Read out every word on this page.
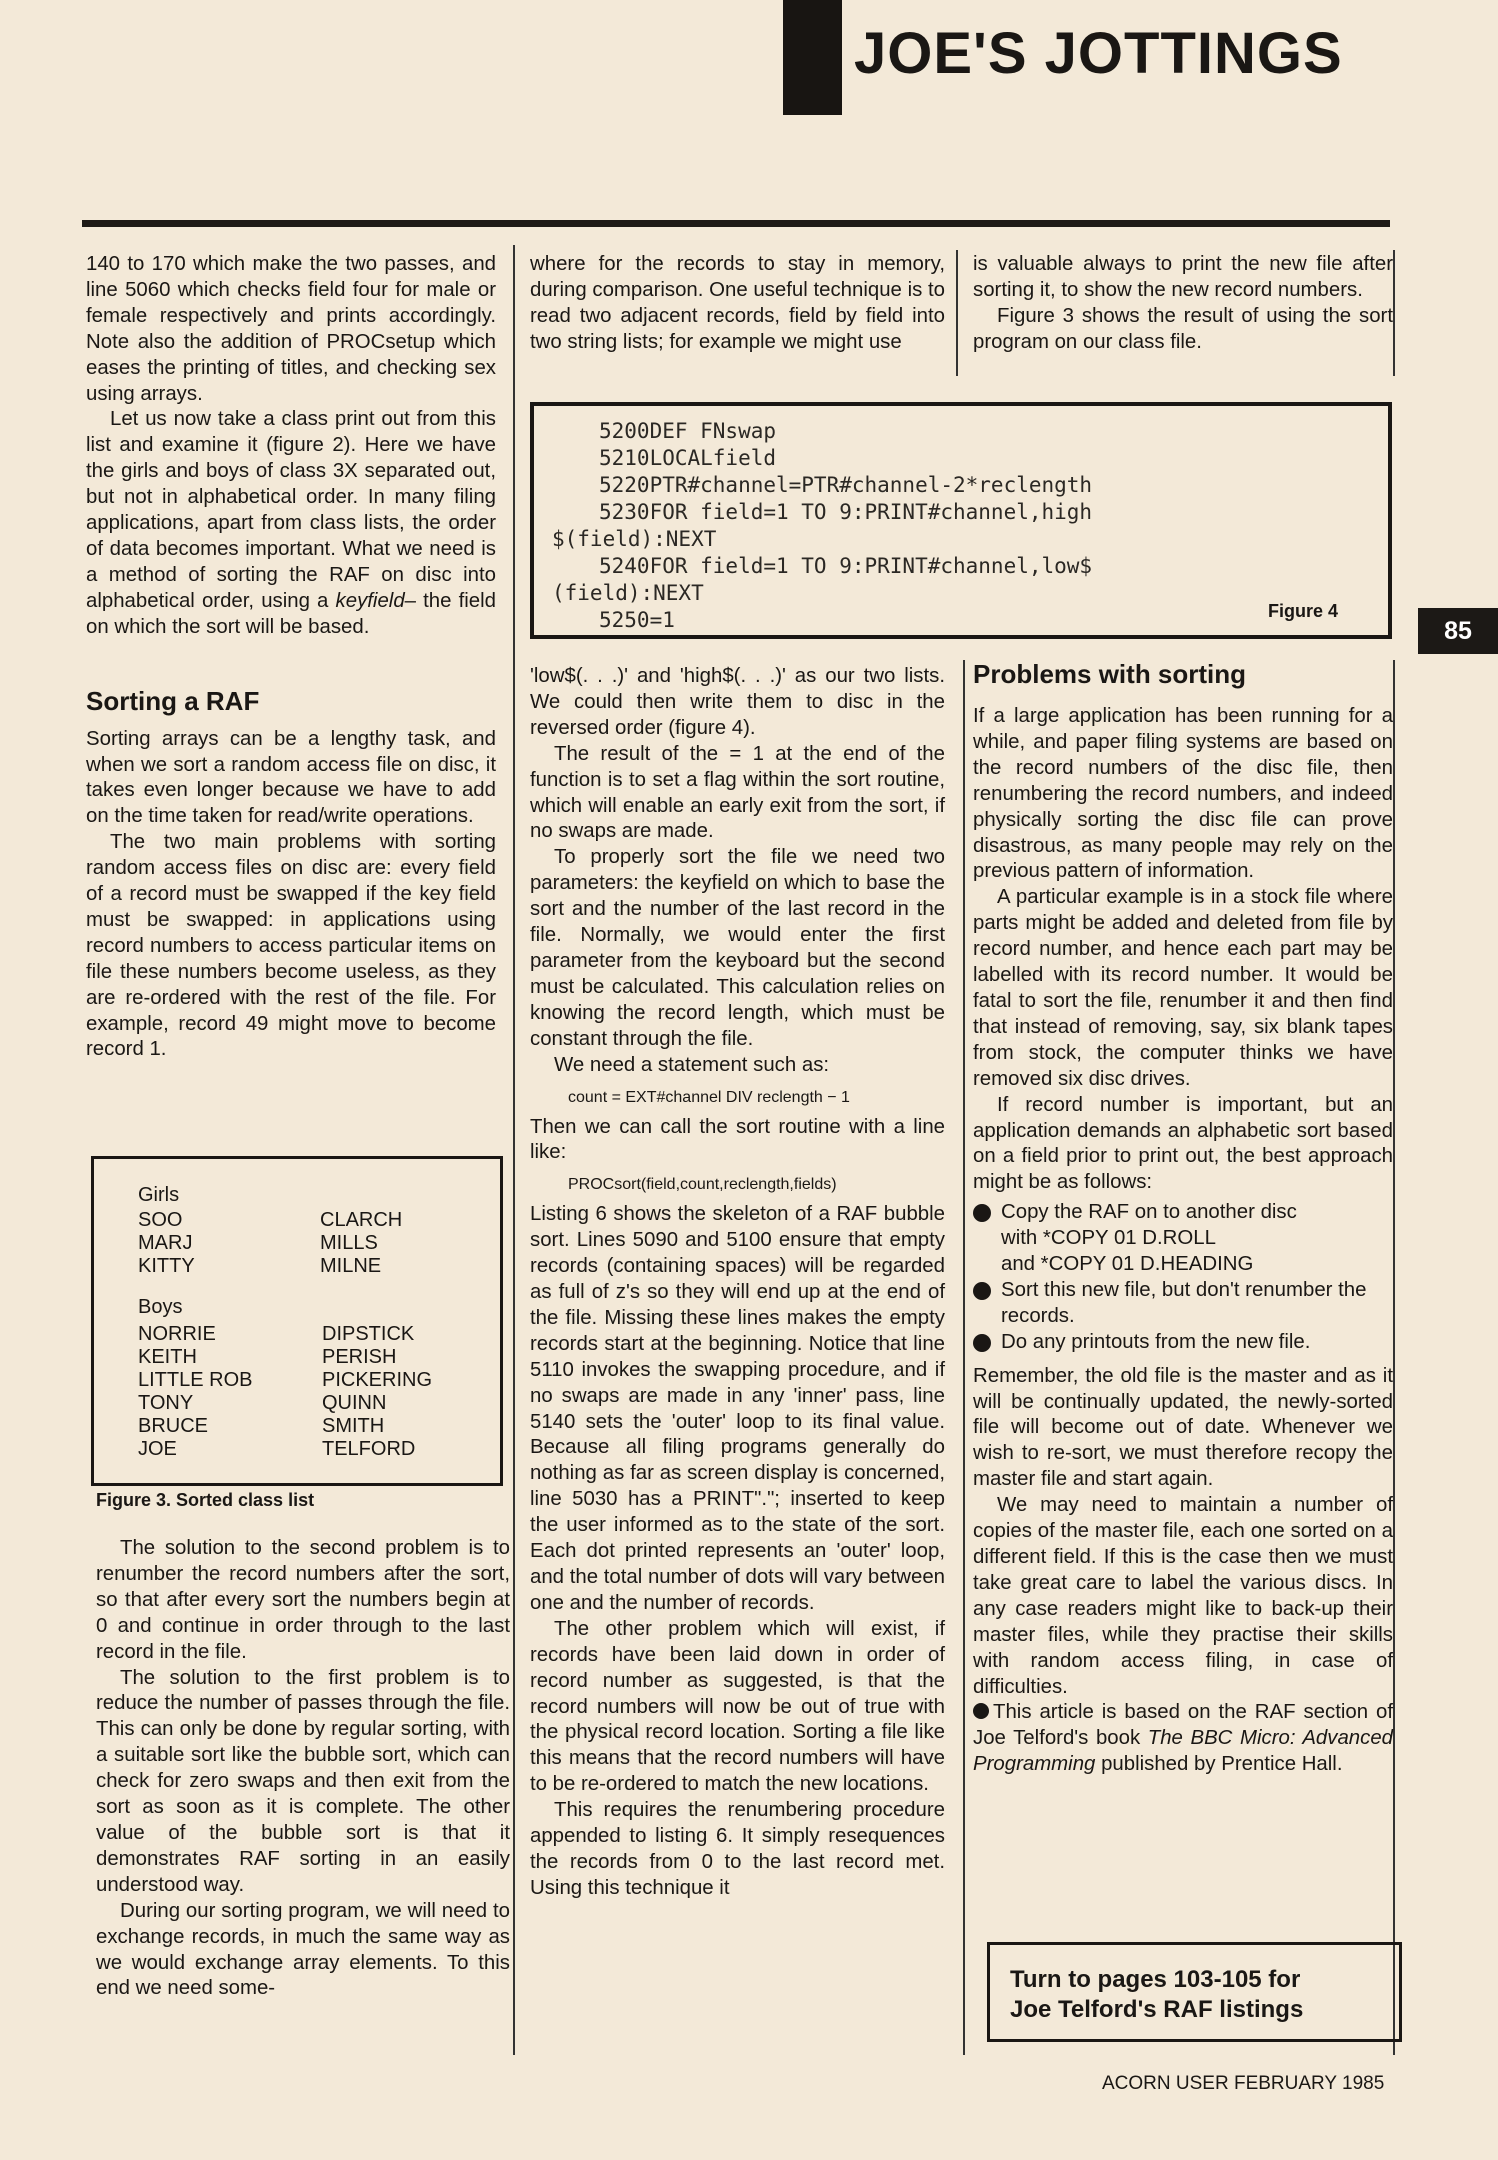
JOE'S JOTTINGS

140 to 170 which make the two passes, and line 5060 which checks field four for male or female respectively and prints accordingly. Note also the addition of PROCsetup which eases the printing of titles, and checking sex using arrays.

Let us now take a class print out from this list and examine it (figure 2). Here we have the girls and boys of class 3X separated out, but not in alphabetical order. In many filing applications, apart from class lists, the order of data becomes important. What we need is a method of sorting the RAF on disc into alphabetical order, using a keyfield– the field on which the sort will be based.

Sorting a RAF

Sorting arrays can be a lengthy task, and when we sort a random access file on disc, it takes even longer because we have to add on the time taken for read/write operations.

The two main problems with sorting random access files on disc are: every field of a record must be swapped if the key field must be swapped: in applications using record numbers to access particular items on file these numbers become useless, as they are re-ordered with the rest of the file. For example, record 49 might move to become record 1.

Girls
SOO
MARJ
KITTY
CLARCH
MILLS
MILNE
Boys
NORRIE
KEITH
LITTLE ROB
TONY
BRUCE
JOE
DIPSTICK
PERISH
PICKERING
QUINN
SMITH
TELFORD
Figure 3. Sorted class list

The solution to the second problem is to renumber the record numbers after the sort, so that after every sort the numbers begin at 0 and continue in order through to the last record in the file.

The solution to the first problem is to reduce the number of passes through the file. This can only be done by regular sorting, with a suitable sort like the bubble sort, which can check for zero swaps and then exit from the sort as soon as it is complete. The other value of the bubble sort is that it demonstrates RAF sorting in an easily understood way.

During our sorting program, we will need to exchange records, in much the same way as we would exchange array elements. To this end we need some-

where for the records to stay in memory, during comparison. One useful technique is to read two adjacent records, field by field into two string lists; for example we might use

5200DEF FNswap
5210LOCALfield
5220PTR#channel=PTR#channel-2*reclength
5230FOR field=1 TO 9:PRINT#channel,high
$(field):NEXT
5240FOR field=1 TO 9:PRINT#channel,low$
(field):NEXT
5250=1	Figure 4
85

'low$(. . .)' and 'high$(. . .)' as our two lists. We could then write them to disc in the reversed order (figure 4).

The result of the = 1 at the end of the function is to set a flag within the sort routine, which will enable an early exit from the sort, if no swaps are made.

To properly sort the file we need two parameters: the keyfield on which to base the sort and the number of the last record in the file. Normally, we would enter the first parameter from the keyboard but the second must be calculated. This calculation relies on knowing the record length, which must be constant through the file.

We need a statement such as:

count = EXT#channel DIV reclength − 1

Then we can call the sort routine with a line like:

PROCsort(field,count,reclength,fields)

Listing 6 shows the skeleton of a RAF bubble sort. Lines 5090 and 5100 ensure that empty records (containing spaces) will be regarded as full of z's so they will end up at the end of the file. Missing these lines makes the empty records start at the beginning. Notice that line 5110 invokes the swapping procedure, and if no swaps are made in any 'inner' pass, line 5140 sets the 'outer' loop to its final value. Because all filing programs generally do nothing as far as screen display is concerned, line 5030 has a PRINT"."; inserted to keep the user informed as to the state of the sort. Each dot printed represents an 'outer' loop, and the total number of dots will vary between one and the number of records.

The other problem which will exist, if records have been laid down in order of record number as suggested, is that the record numbers will now be out of true with the physical record location. Sorting a file like this means that the record numbers will have to be re-ordered to match the new locations.

This requires the renumbering procedure appended to listing 6. It simply resequences the records from 0 to the last record met. Using this technique it

is valuable always to print the new file after sorting it, to show the new record numbers.

Figure 3 shows the result of using the sort program on our class file.

Problems with sorting

If a large application has been running for a while, and paper filing systems are based on the record numbers of the disc file, then renumbering the record numbers, and indeed physically sorting the disc file can prove disastrous, as many people may rely on the previous pattern of information.

A particular example is in a stock file where parts might be added and deleted from file by record number, and hence each part may be labelled with its record number. It would be fatal to sort the file, renumber it and then find that instead of removing, say, six blank tapes from stock, the computer thinks we have removed six disc drives.

If record number is important, but an application demands an alphabetic sort based on a field prior to print out, the best approach might be as follows:

Copy the RAF on to another disc
with *COPY 01 D.ROLL
and *COPY 01 D.HEADING
Sort this new file, but don't renumber the records.
Do any printouts from the new file.

Remember, the old file is the master and as it will be continually updated, the newly-sorted file will become out of date. Whenever we wish to re-sort, we must therefore recopy the master file and start again.

We may need to maintain a number of copies of the master file, each one sorted on a different field. If this is the case then we must take great care to label the various discs. In any case readers might like to back-up their master files, while they practise their skills with random access filing, in case of difficulties.

This article is based on the RAF section of Joe Telford's book The BBC Micro: Advanced Programming published by Prentice Hall.

Turn to pages 103-105 for
Joe Telford's RAF listings
ACORN USER FEBRUARY 1985
